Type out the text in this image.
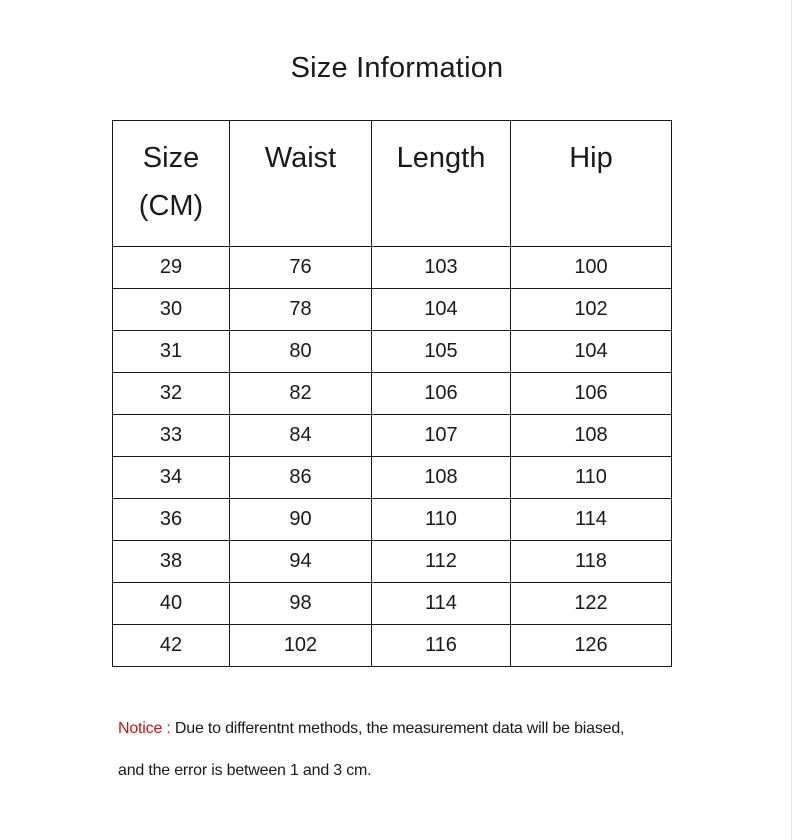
Size Information
Size
(CM)	Waist	Length	Hip

29	76	103	100
30	78	104	102
31	80	105	104
32	82	106	106
33	84	107	108
34	86	108	110
36	90	110	114
38	94	112	118
40	98	114	122
42	102	116	126
Notice : Due to differentnt methods, the measurement data will be biased,
and the error is between 1 and 3 cm.
